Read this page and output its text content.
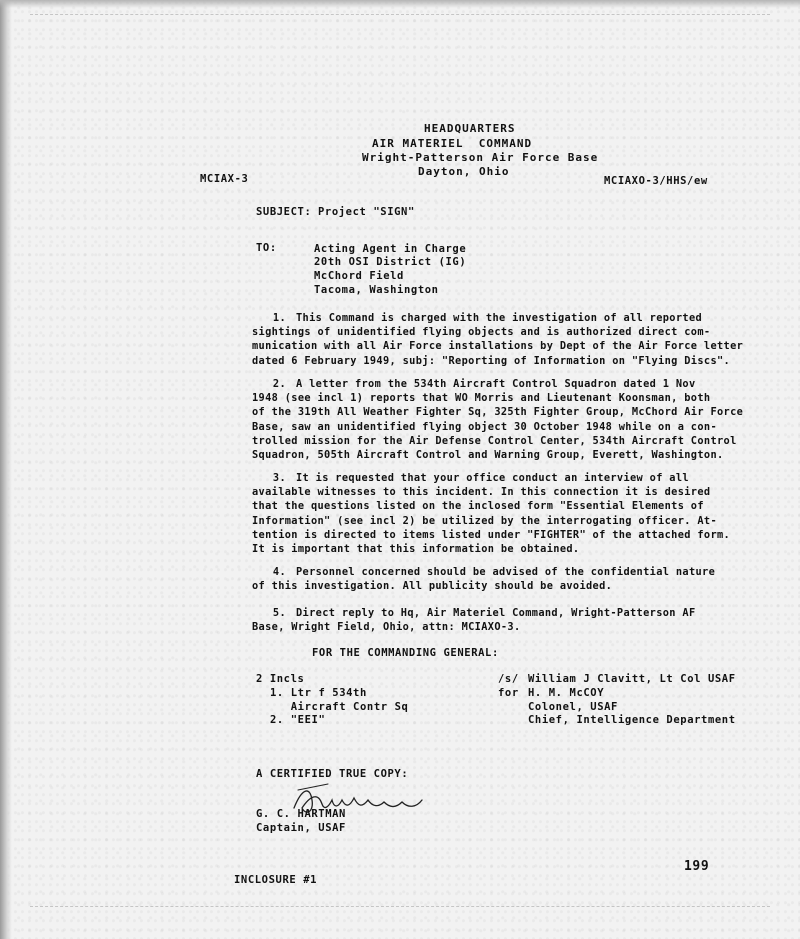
HEADQUARTERS
AIR MATERIEL  COMMAND
Wright-Patterson Air Force Base
Dayton, Ohio
MCIAX-3	MCIAXO-3/HHS/ew
SUBJECT: Project "SIGN"
TO:	Acting Agent in Charge
20th OSI District (IG)
McChord Field
Tacoma, Washington
1. This Command is charged with the investigation of all reported
sightings of unidentified flying objects and is authorized direct com-
munication with all Air Force installations by Dept of the Air Force letter
dated 6 February 1949, subj: "Reporting of Information on "Flying Discs".
2. A letter from the 534th Aircraft Control Squadron dated 1 Nov
1948 (see incl 1) reports that WO Morris and Lieutenant Koonsman, both
of the 319th All Weather Fighter Sq, 325th Fighter Group, McChord Air Force
Base, saw an unidentified flying object 30 October 1948 while on a con-
trolled mission for the Air Defense Control Center, 534th Aircraft Control
Squadron, 505th Aircraft Control and Warning Group, Everett, Washington.
3. It is requested that your office conduct an interview of all
available witnesses to this incident. In this connection it is desired
that the questions listed on the inclosed form "Essential Elements of
Information" (see incl 2) be utilized by the interrogating officer. At-
tention is directed to items listed under "FIGHTER" of the attached form.
It is important that this information be obtained.
4. Personnel concerned should be advised of the confidential nature
of this investigation. All publicity should be avoided.
5. Direct reply to Hq, Air Materiel Command, Wright-Patterson AF
Base, Wright Field, Ohio, attn: MCIAXO-3.
FOR THE COMMANDING GENERAL:
2 Incls
1. Ltr f 534th
Aircraft Contr Sq
2. "EEI"
/s/
for
William J Clavitt, Lt Col USAF
H. M. McCOY
Colonel, USAF
Chief, Intelligence Department
A CERTIFIED TRUE COPY:
G. C. HARTMAN
Captain, USAF
199
INCLOSURE #1
